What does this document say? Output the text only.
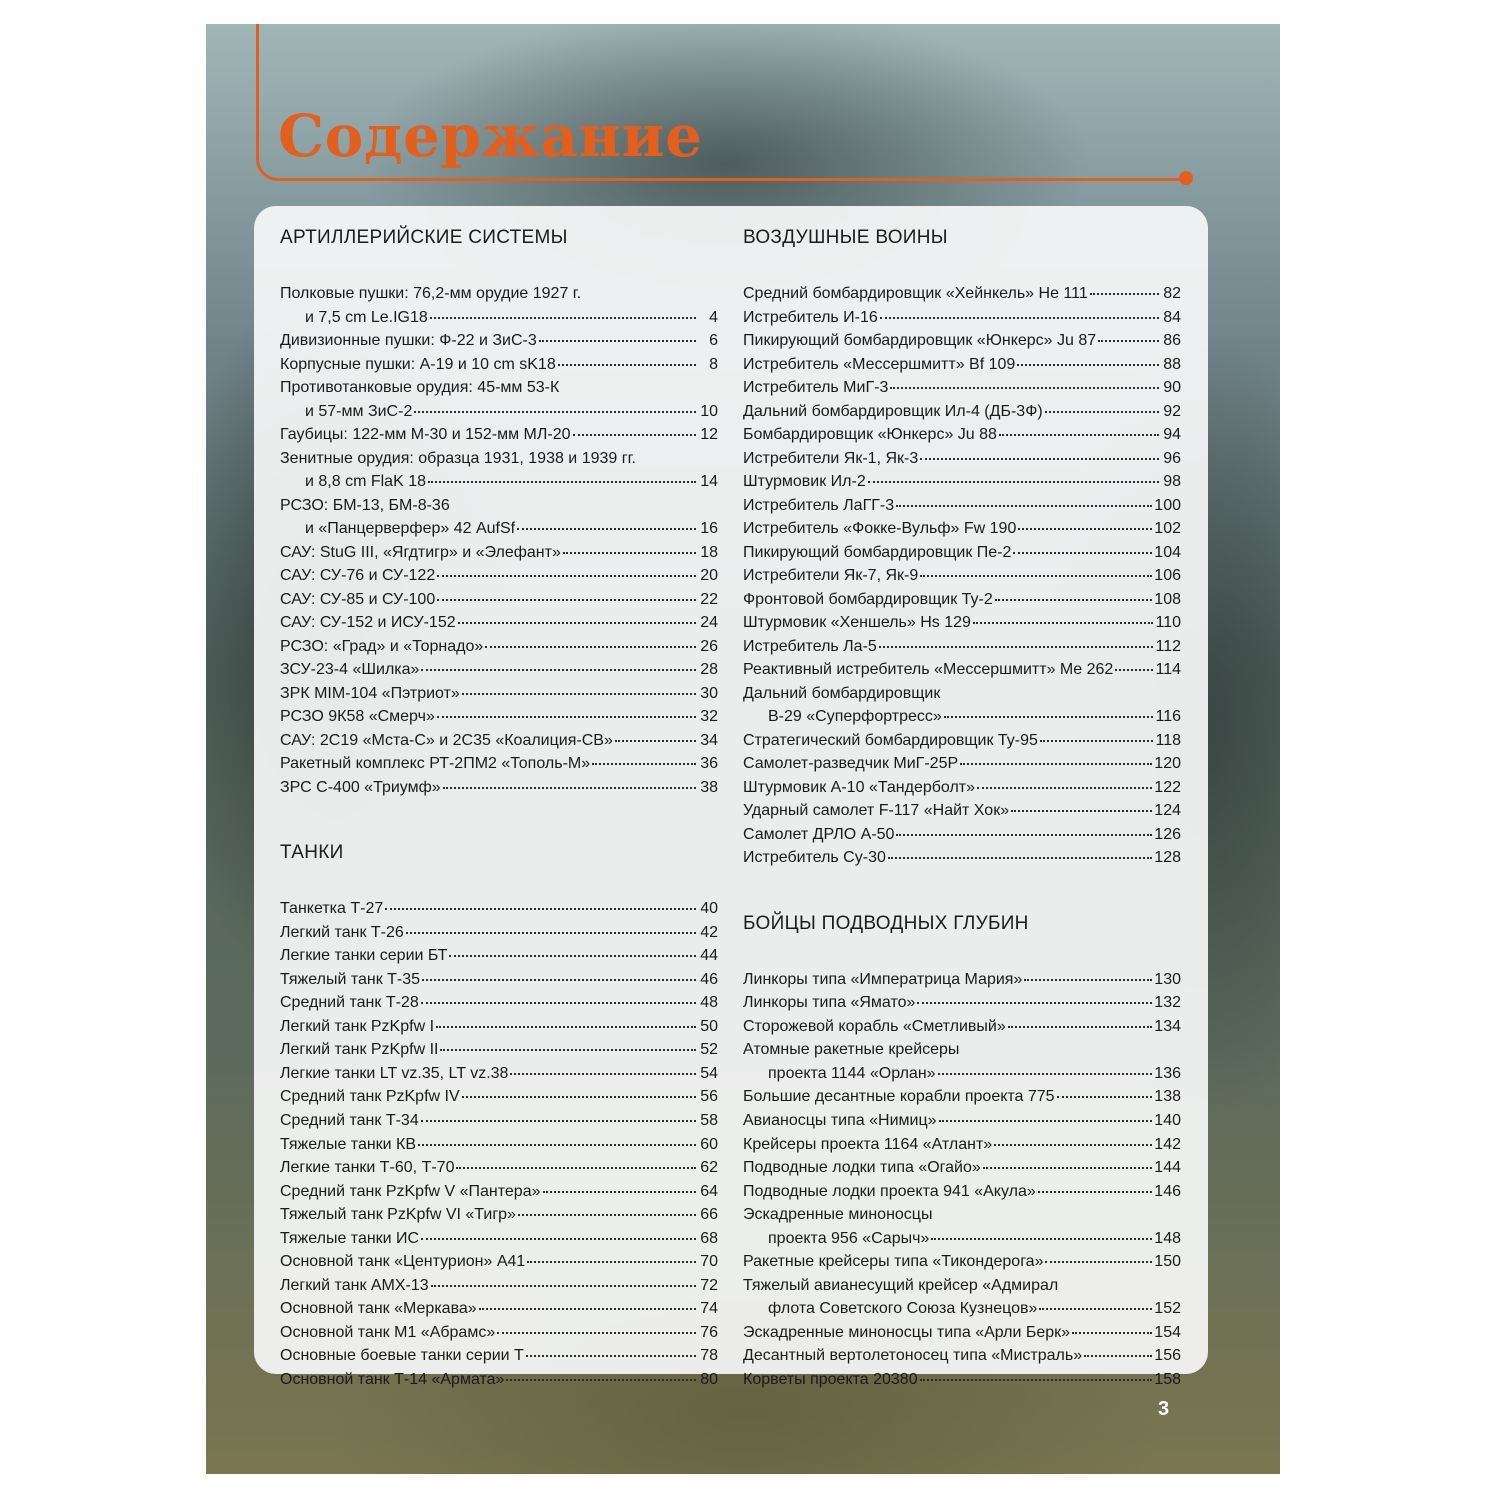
Содержание
АРТИЛЛЕРИЙСКИЕ СИСТЕМЫ
Полковые пушки: 76,2-мм орудие 1927 г.
и 7,5 cm Le.IG18	4
Дивизионные пушки: Ф-22 и ЗиС-3	6
Корпусные пушки: А-19 и 10 cm sK18	8
Противотанковые орудия: 45-мм 53-К
и 57-мм ЗиС-2	10
Гаубицы: 122-мм М-30 и 152-мм МЛ-20	12
Зенитные орудия: образца 1931, 1938 и 1939 гг.
и 8,8 cm FlaK 18	14
РСЗО: БМ-13, БМ-8-36
и «Панцерверфер» 42 AufSf	16
САУ: StuG III, «Ягдтигр» и «Элефант»	18
САУ: СУ-76 и СУ-122	20
САУ: СУ-85 и СУ-100	22
САУ: СУ-152 и ИСУ-152	24
РСЗО: «Град» и «Торнадо»	26
ЗСУ-23-4 «Шилка»	28
ЗРК MIM-104 «Пэтриот»	30
РСЗО 9К58 «Смерч»	32
САУ: 2С19 «Мста-С» и 2С35 «Коалиция-СВ»	34
Ракетный комплекс РТ-2ПМ2 «Тополь-М»	36
ЗРС С-400 «Триумф»	38
ТАНКИ
Танкетка Т-27	40
Легкий танк Т-26	42
Легкие танки серии БТ	44
Тяжелый танк Т-35	46
Средний танк Т-28	48
Легкий танк PzKpfw I	50
Легкий танк PzKpfw II	52
Легкие танки LT vz.35, LT vz.38	54
Средний танк PzKpfw IV	56
Средний танк Т-34	58
Тяжелые танки КВ	60
Легкие танки Т-60, Т-70	62
Средний танк PzKpfw V «Пантера»	64
Тяжелый танк PzKpfw VI «Тигр»	66
Тяжелые танки ИС	68
Основной танк «Центурион» А41	70
Легкий танк AMX-13	72
Основной танк «Меркава»	74
Основной танк М1 «Абрамс»	76
Основные боевые танки серии Т	78
Основной танк Т-14 «Армата»	80
ВОЗДУШНЫЕ ВОИНЫ
Средний бомбардировщик «Хейнкель» He 111	82
Истребитель И-16	84
Пикирующий бомбардировщик «Юнкерс» Ju 87	86
Истребитель «Мессершмитт» Bf 109	88
Истребитель МиГ-3	90
Дальний бомбардировщик Ил-4 (ДБ-3Ф)	92
Бомбардировщик «Юнкерс» Ju 88	94
Истребители Як-1, Як-3	96
Штурмовик Ил-2	98
Истребитель ЛаГГ-3	100
Истребитель «Фокке-Вульф» Fw 190	102
Пикирующий бомбардировщик Пе-2	104
Истребители Як-7, Як-9	106
Фронтовой бомбардировщик Ту-2	108
Штурмовик «Хеншель» Hs 129	110
Истребитель Ла-5	112
Реактивный истребитель «Мессершмитт» Me 262	114
Дальний бомбардировщик
B-29 «Суперфортресс»	116
Стратегический бомбардировщик Ту-95	118
Самолет-разведчик МиГ-25Р	120
Штурмовик А-10 «Тандерболт»	122
Ударный самолет F-117 «Найт Хок»	124
Самолет ДРЛО А-50	126
Истребитель Су-30	128
БОЙЦЫ ПОДВОДНЫХ ГЛУБИН
Линкоры типа «Императрица Мария»	130
Линкоры типа «Ямато»	132
Сторожевой корабль «Сметливый»	134
Атомные ракетные крейсеры
проекта 1144 «Орлан»	136
Большие десантные корабли проекта 775	138
Авианосцы типа «Нимиц»	140
Крейсеры проекта 1164 «Атлант»	142
Подводные лодки типа «Огайо»	144
Подводные лодки проекта 941 «Акула»	146
Эскадренные миноносцы
проекта 956 «Сарыч»	148
Ракетные крейсеры типа «Тикондерога»	150
Тяжелый авианесущий крейсер «Адмирал
флота Советского Союза Кузнецов»	152
Эскадренные миноносцы типа «Арли Берк»	154
Десантный вертолетоносец типа «Мистраль»	156
Корветы проекта 20380	158

3
